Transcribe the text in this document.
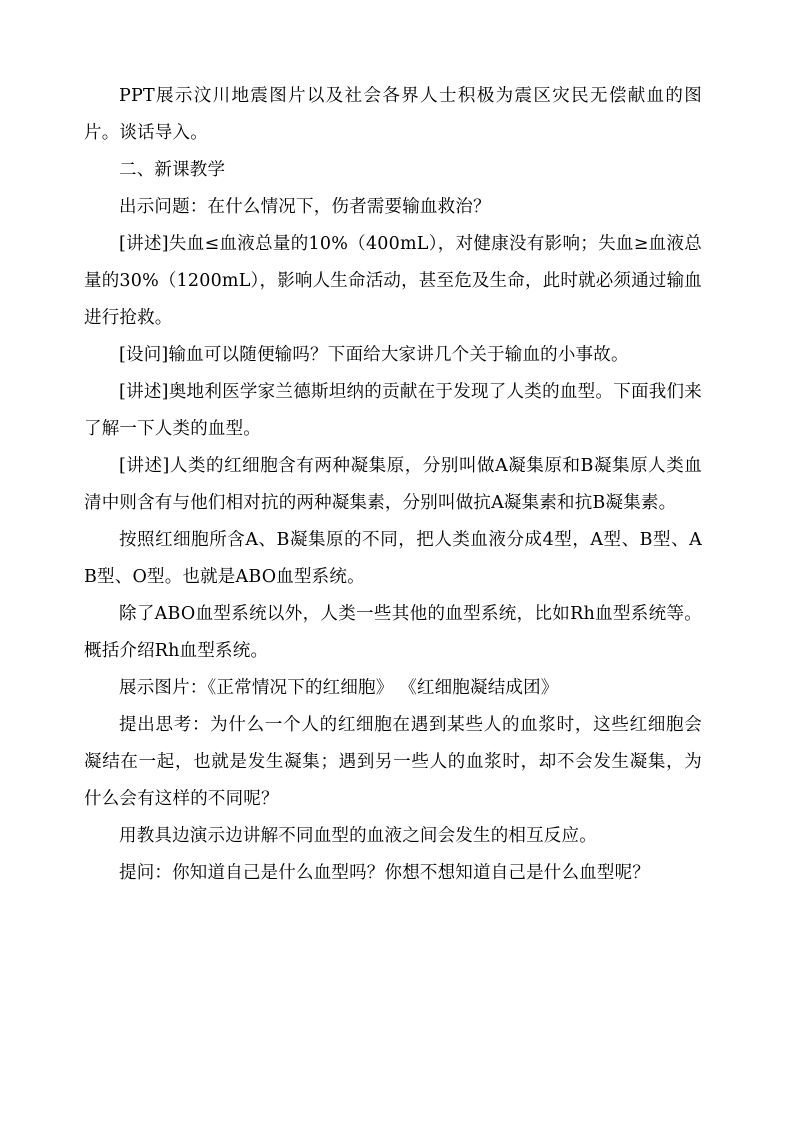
PPT展示汶川地震图片以及社会各界人士积极为震区灾民无偿献血的图片。谈话导入。

二、新课教学

出示问题：在什么情况下，伤者需要输血救治？

[讲述]失血≤血液总量的10%（400mL），对健康没有影响；失血≥血液总量的30%（1200mL），影响人生命活动，甚至危及生命，此时就必须通过输血进行抢救。

[设问]输血可以随便输吗？下面给大家讲几个关于输血的小事故。

[讲述]奥地利医学家兰德斯坦纳的贡献在于发现了人类的血型。下面我们来了解一下人类的血型。

[讲述]人类的红细胞含有两种凝集原，分别叫做A凝集原和B凝集原人类血清中则含有与他们相对抗的两种凝集素，分别叫做抗A凝集素和抗B凝集素。

按照红细胞所含A、B凝集原的不同，把人类血液分成4型，A型、B型、AB型、O型。也就是ABO血型系统。

除了ABO血型系统以外，人类一些其他的血型系统，比如Rh血型系统等。概括介绍Rh血型系统。

展示图片：《正常情况下的红细胞》 《红细胞凝结成团》

提出思考：为什么一个人的红细胞在遇到某些人的血浆时，这些红细胞会凝结在一起，也就是发生凝集；遇到另一些人的血浆时，却不会发生凝集，为什么会有这样的不同呢？

用教具边演示边讲解不同血型的血液之间会发生的相互反应。

提问：你知道自己是什么血型吗？你想不想知道自己是什么血型呢？
